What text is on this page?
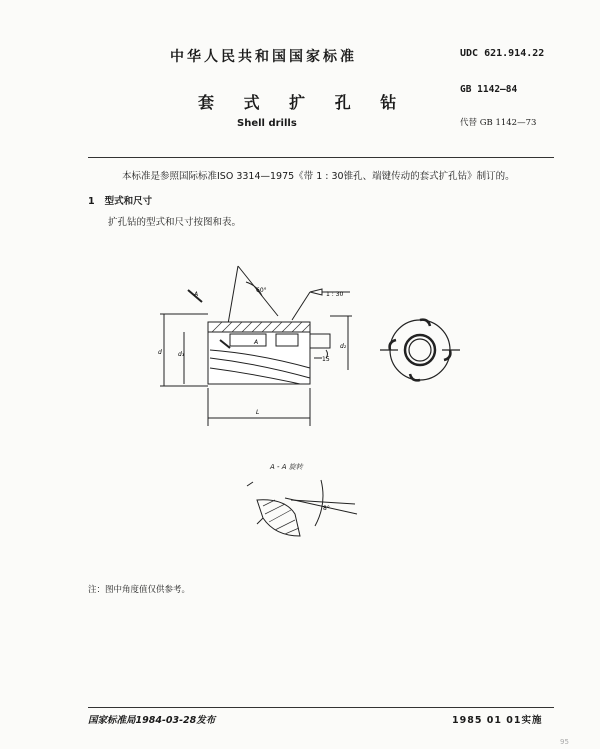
中华人民共和国国家标准	UDC 621.914.22
套 式 扩 孔 钻
GB 1142—84
Shell drills	代替 GB 1142—73
本标准是参照国际标准ISO 3314—1975《带 1 : 30锥孔、端键传动的套式扩孔钻》制订的。
1 型式和尺寸
扩孔钻的型式和尺寸按图和表。
60°
1 : 30
A
A
15
d	d₁
d₂
L
A - A 旋转
8°
注：图中角度值仅供参考。
国家标准局1984-03-28发布	1985 01 01实施
95
